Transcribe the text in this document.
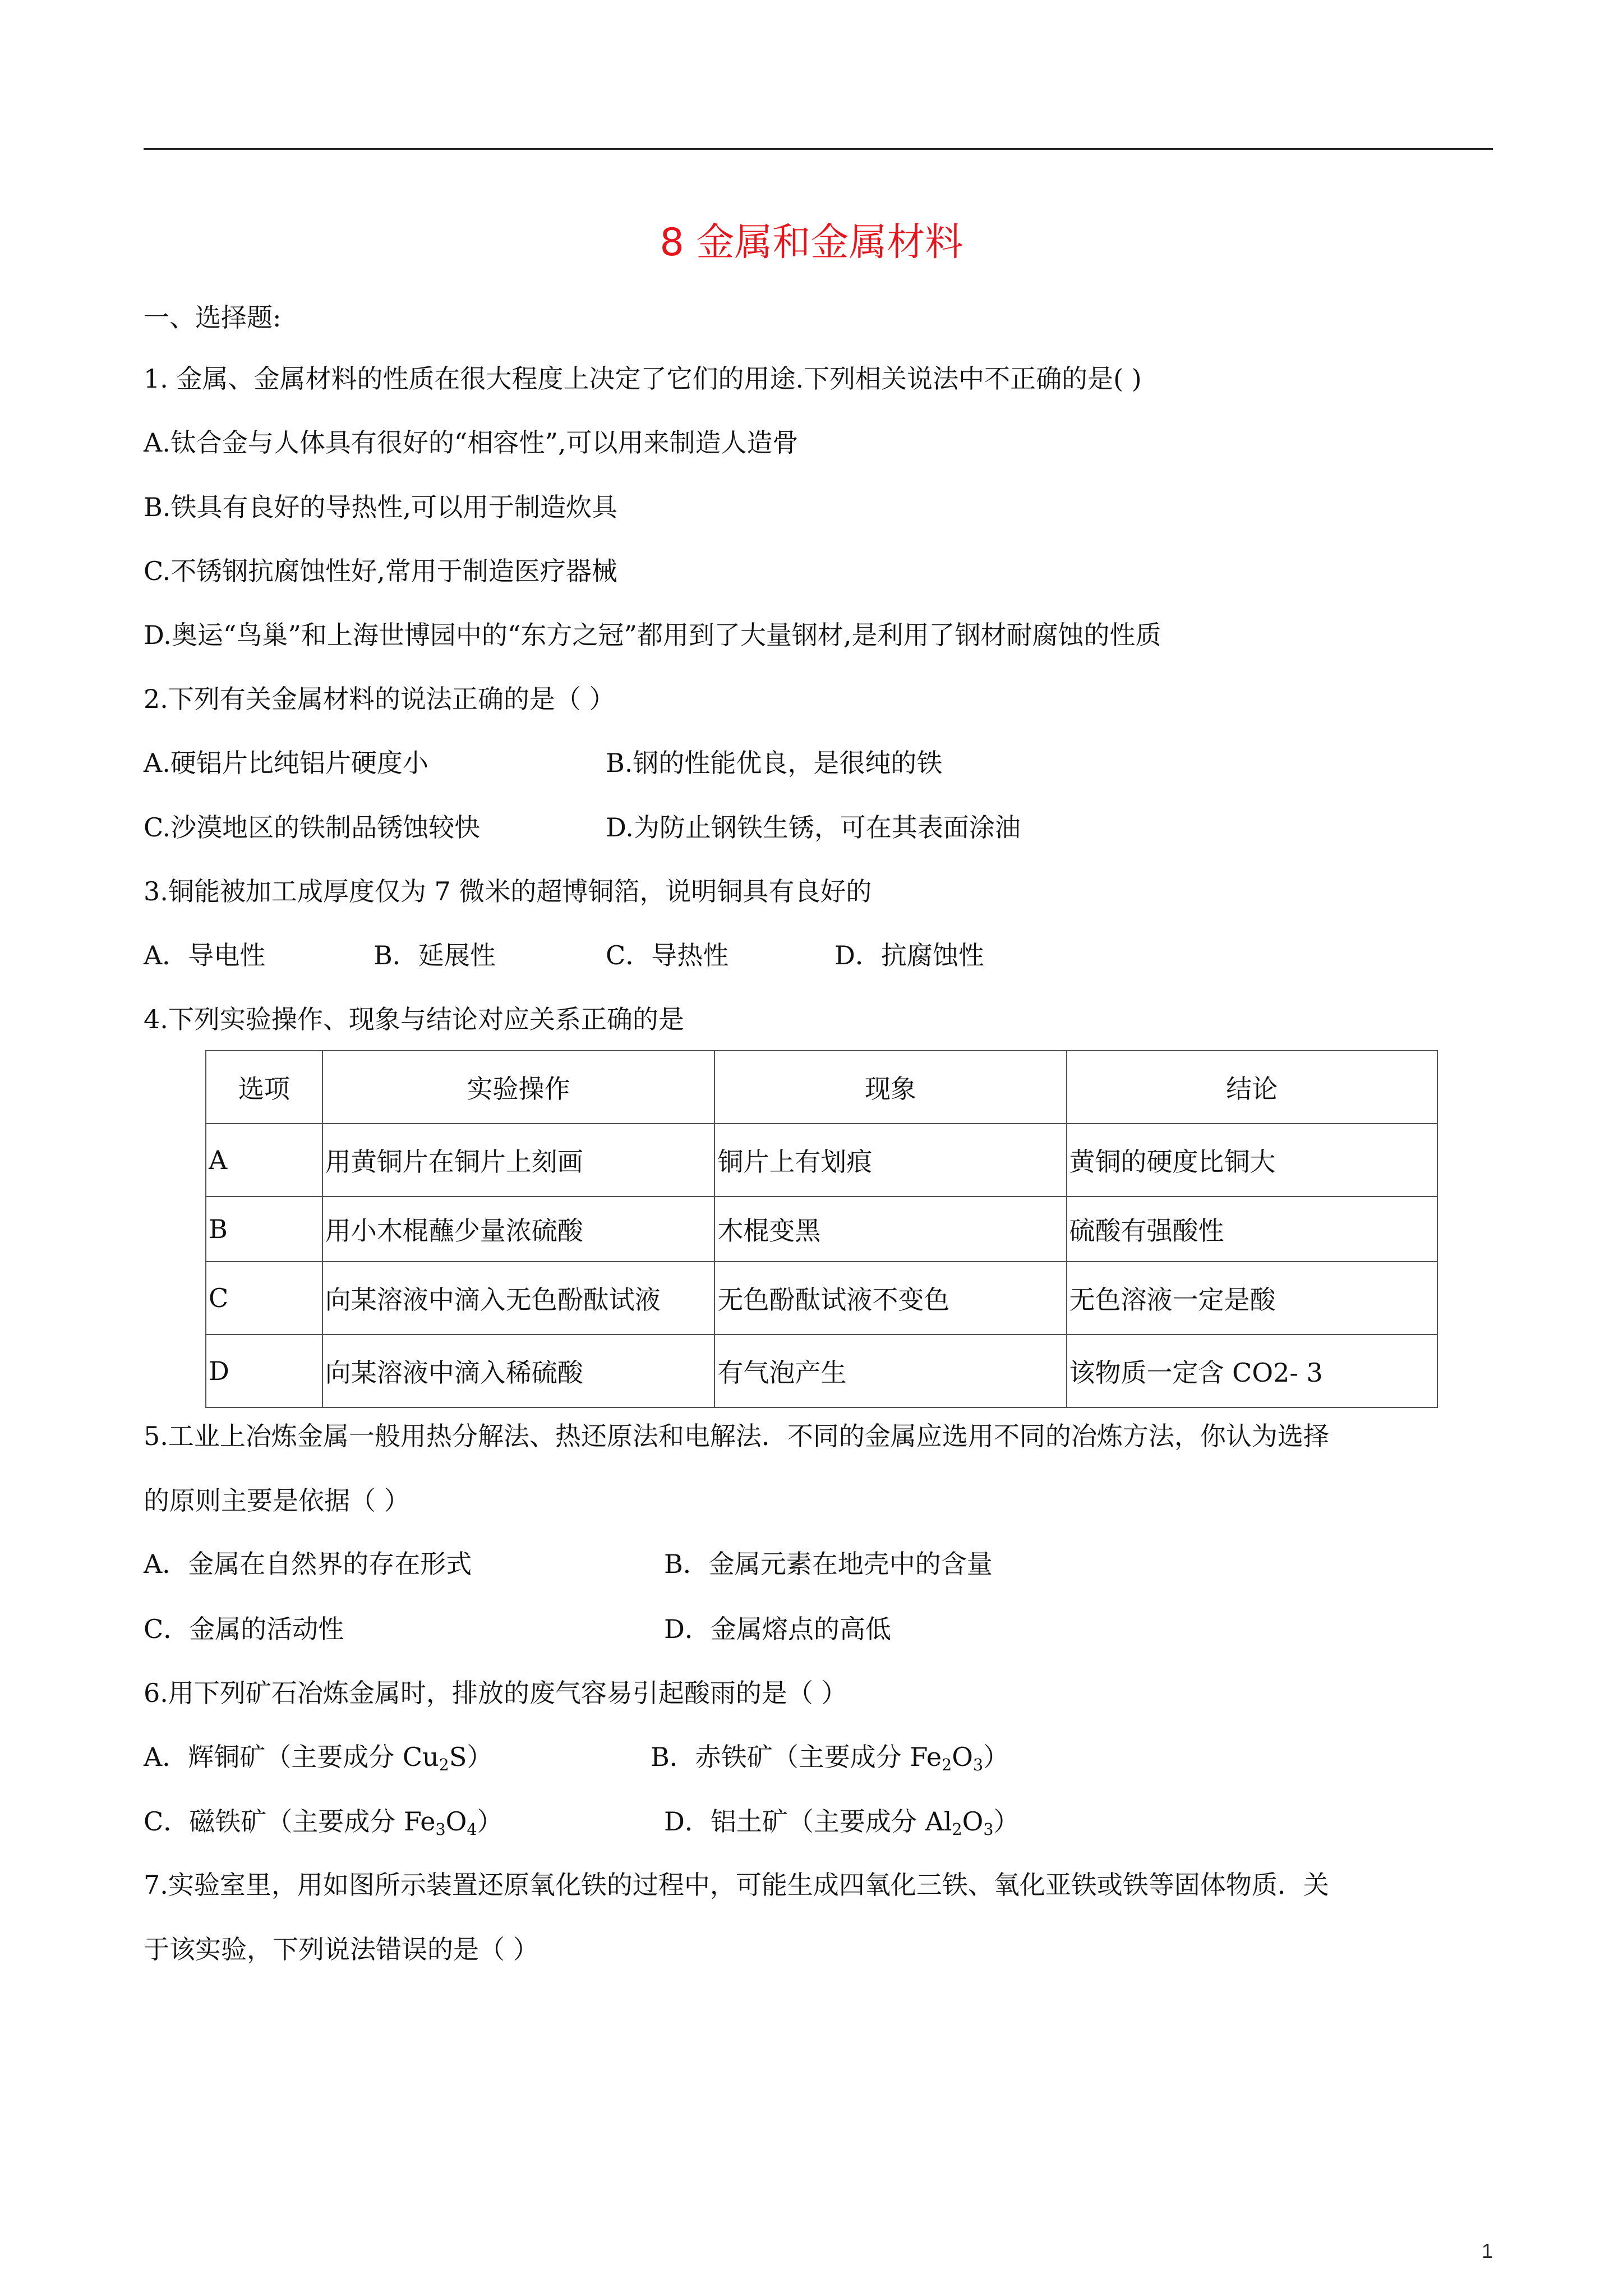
8 金属和金属材料
一、选择题:
1. 金属、金属材料的性质在很大程度上决定了它们的用途.下列相关说法中不正确的是( )
A.钛合金与人体具有很好的“相容性”,可以用来制造人造骨
B.铁具有良好的导热性,可以用于制造炊具
C.不锈钢抗腐蚀性好,常用于制造医疗器械
D.奥运“鸟巢”和上海世博园中的“东方之冠”都用到了大量钢材,是利用了钢材耐腐蚀的性质
2.下列有关金属材料的说法正确的是（ ）
A.硬铝片比纯铝片硬度小	B.钢的性能优良，是很纯的铁
C.沙漠地区的铁制品锈蚀较快	D.为防止钢铁生锈，可在其表面涂油
3.铜能被加工成厚度仅为 7 微米的超博铜箔，说明铜具有良好的
A．导电性	B．延展性	C．导热性	D．抗腐蚀性
4.下列实验操作、现象与结论对应关系正确的是
选项	实验操作	现象	结论
A	用黄铜片在铜片上刻画	铜片上有划痕	黄铜的硬度比铜大
B	用小木棍蘸少量浓硫酸	木棍变黑	硫酸有强酸性
C	向某溶液中滴入无色酚酞试液	无色酚酞试液不变色	无色溶液一定是酸
D	向某溶液中滴入稀硫酸	有气泡产生	该物质一定含 CO2- 3
5.工业上冶炼金属一般用热分解法、热还原法和电解法．不同的金属应选用不同的冶炼方法，你认为选择
的原则主要是依据（ ）
A．金属在自然界的存在形式	B．金属元素在地壳中的含量
C．金属的活动性	D．金属熔点的高低
6.用下列矿石冶炼金属时，排放的废气容易引起酸雨的是（ ）
A．辉铜矿（主要成分 $Cu_2S$）	B．赤铁矿（主要成分 $Fe_2O_3$）
C．磁铁矿（主要成分 $Fe_3O_4$）	D．铝土矿（主要成分 $Al_2O_3$）
7.实验室里，用如图所示装置还原氧化铁的过程中，可能生成四氧化三铁、氧化亚铁或铁等固体物质．关
于该实验，下列说法错误的是（ ）
1
